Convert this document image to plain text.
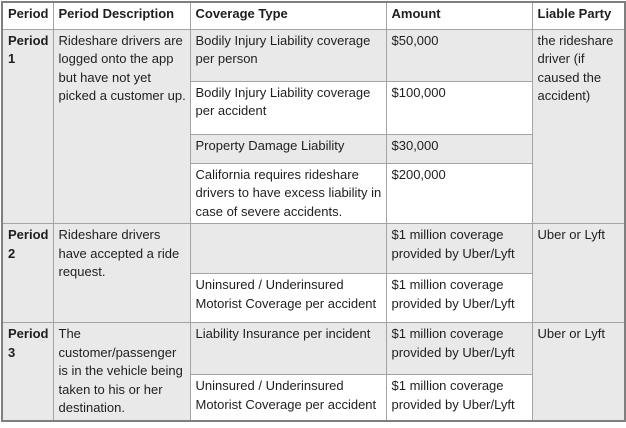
Period	Period Description	Coverage Type	Amount	Liable Party
Period 1	Rideshare drivers are logged onto the app but have not yet picked a customer up.	Bodily Injury Liability coverage per person	$50,000	the rideshare driver (if caused the accident)
		Bodily Injury Liability coverage per accident	$100,000	
		Property Damage Liability	$30,000	
		California requires rideshare drivers to have excess liability in case of severe accidents.	$200,000	
Period 2	Rideshare drivers have accepted a ride request.		$1 million coverage provided by Uber/Lyft	Uber or Lyft
		Uninsured / Underinsured Motorist Coverage per accident	$1 million coverage provided by Uber/Lyft	
Period 3	The customer/passenger is in the vehicle being taken to his or her destination.	Liability Insurance per incident	$1 million coverage provided by Uber/Lyft	Uber or Lyft
		Uninsured / Underinsured Motorist Coverage per accident	$1 million coverage provided by Uber/Lyft	
